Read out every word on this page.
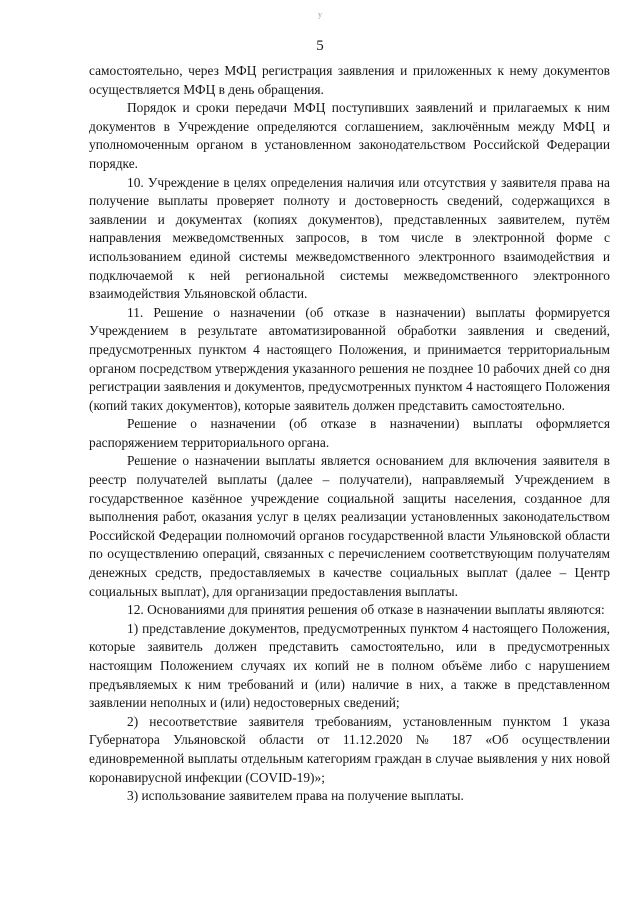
у
5

самостоятельно, через МФЦ регистрация заявления и приложенных к нему документов осуществляется МФЦ в день обращения.

Порядок и сроки передачи МФЦ поступивших заявлений и прилагаемых к ним документов в Учреждение определяются соглашением, заключённым между МФЦ и уполномоченным органом в установленном законодательством Российской Федерации порядке.

10. Учреждение в целях определения наличия или отсутствия у заявителя права на получение выплаты проверяет полноту и достоверность сведений, содержащихся в заявлении и документах (копиях документов), представленных заявителем, путём направления межведомственных запросов, в том числе в электронной форме с использованием единой системы межведомственного электронного взаимодействия и подключаемой к ней региональной системы межведомственного электронного взаимодействия Ульяновской области.

11. Решение о назначении (об отказе в назначении) выплаты формируется Учреждением в результате автоматизированной обработки заявления и сведений, предусмотренных пунктом 4 настоящего Положения, и принимается территориальным органом посредством утверждения указанного решения не позднее 10 рабочих дней со дня регистрации заявления и документов, предусмотренных пунктом 4 настоящего Положения (копий таких документов), которые заявитель должен представить самостоятельно.

Решение о назначении (об отказе в назначении) выплаты оформляется распоряжением территориального органа.

Решение о назначении выплаты является основанием для включения заявителя в реестр получателей выплаты (далее – получатели), направляемый Учреждением в государственное казённое учреждение социальной защиты населения, созданное для выполнения работ, оказания услуг в целях реализации установленных законодательством Российской Федерации полномочий органов государственной власти Ульяновской области по осуществлению операций, связанных с перечислением соответствующим получателям денежных средств, предоставляемых в качестве социальных выплат (далее – Центр социальных выплат), для организации предоставления выплаты.

12. Основаниями для принятия решения об отказе в назначении выплаты являются:

1) представление документов, предусмотренных пунктом 4 настоящего Положения, которые заявитель должен представить самостоятельно, или в предусмотренных настоящим Положением случаях их копий не в полном объёме либо с нарушением предъявляемых к ним требований и (или) наличие в них, а также в представленном заявлении неполных и (или) недостоверных сведений;

2) несоответствие заявителя требованиям, установленным пунктом 1 указа Губернатора Ульяновской области от 11.12.2020 № 187 «Об осуществлении единовременной выплаты отдельным категориям граждан в случае выявления у них новой коронавирусной инфекции (COVID-19)»;

3) использование заявителем права на получение выплаты.
